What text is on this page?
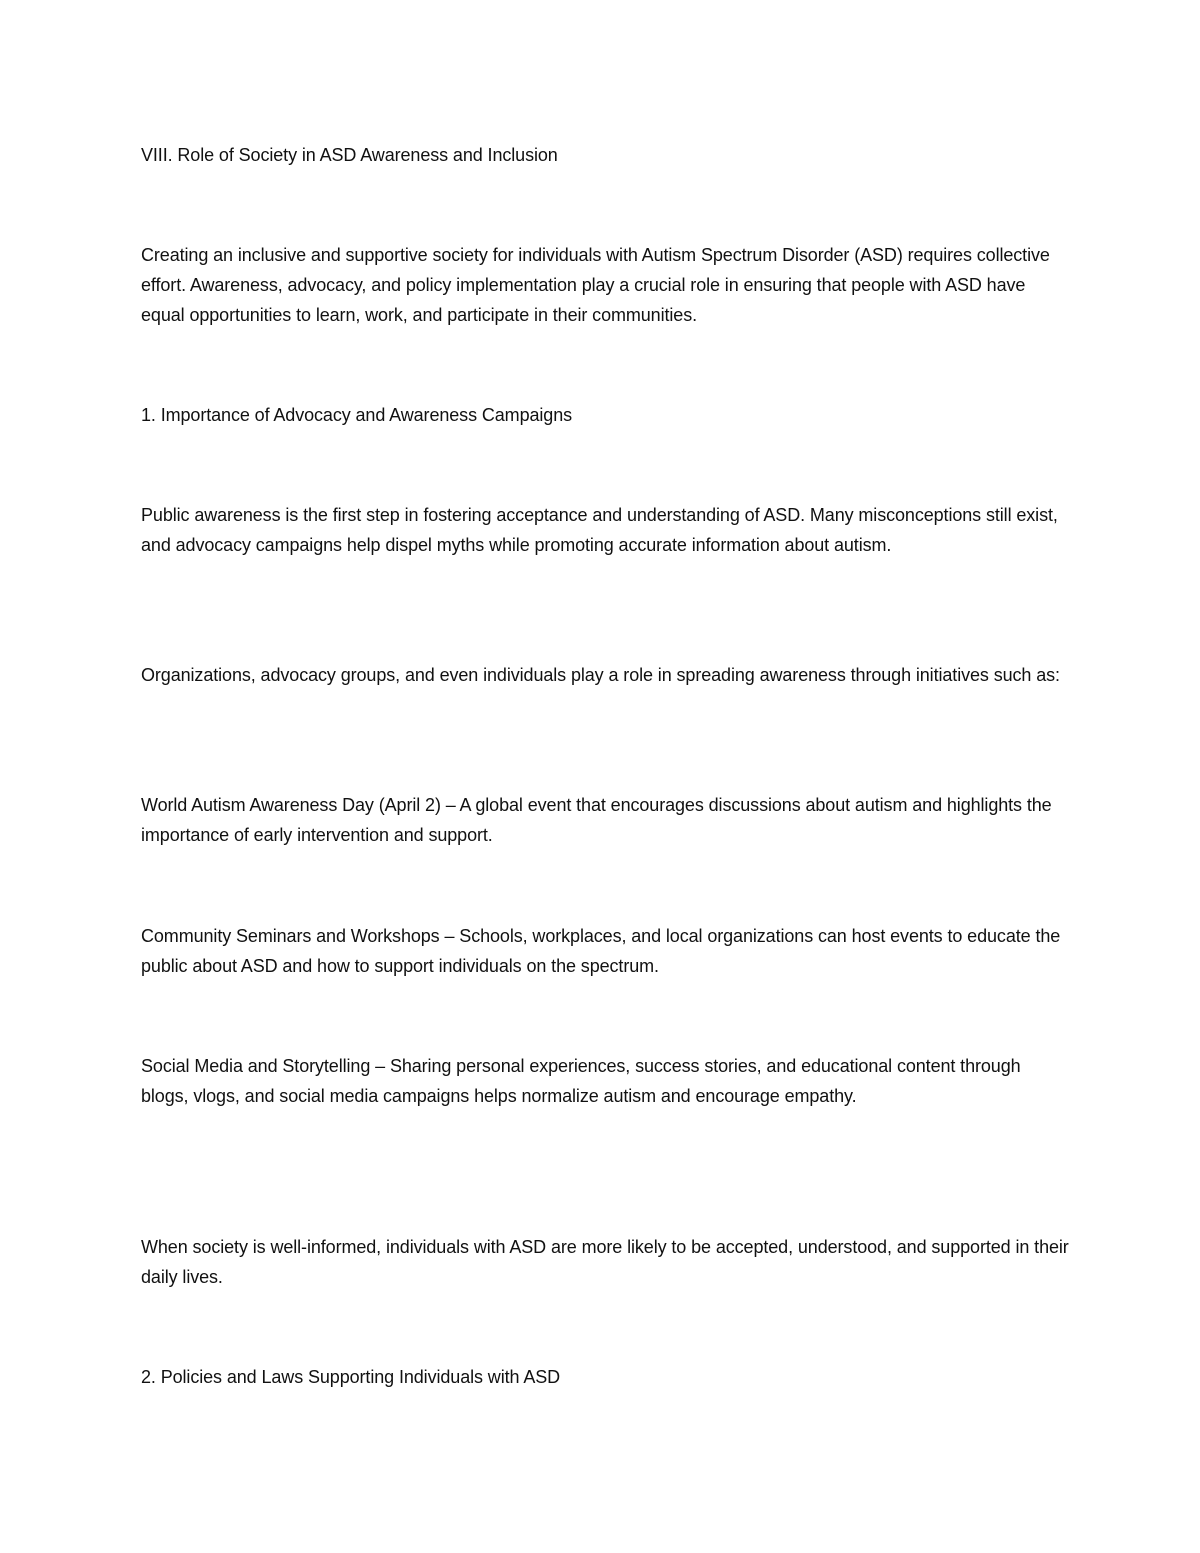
VIII. Role of Society in ASD Awareness and Inclusion

Creating an inclusive and supportive society for individuals with Autism Spectrum Disorder (ASD) requires collective effort. Awareness, advocacy, and policy implementation play a crucial role in ensuring that people with ASD have equal opportunities to learn, work, and participate in their communities.

1. Importance of Advocacy and Awareness Campaigns

Public awareness is the first step in fostering acceptance and understanding of ASD. Many misconceptions still exist, and advocacy campaigns help dispel myths while promoting accurate information about autism.

Organizations, advocacy groups, and even individuals play a role in spreading awareness through initiatives such as:

World Autism Awareness Day (April 2) – A global event that encourages discussions about autism and highlights the importance of early intervention and support.

Community Seminars and Workshops – Schools, workplaces, and local organizations can host events to educate the public about ASD and how to support individuals on the spectrum.

Social Media and Storytelling – Sharing personal experiences, success stories, and educational content through blogs, vlogs, and social media campaigns helps normalize autism and encourage empathy.

When society is well-informed, individuals with ASD are more likely to be accepted, understood, and supported in their daily lives.

2. Policies and Laws Supporting Individuals with ASD
